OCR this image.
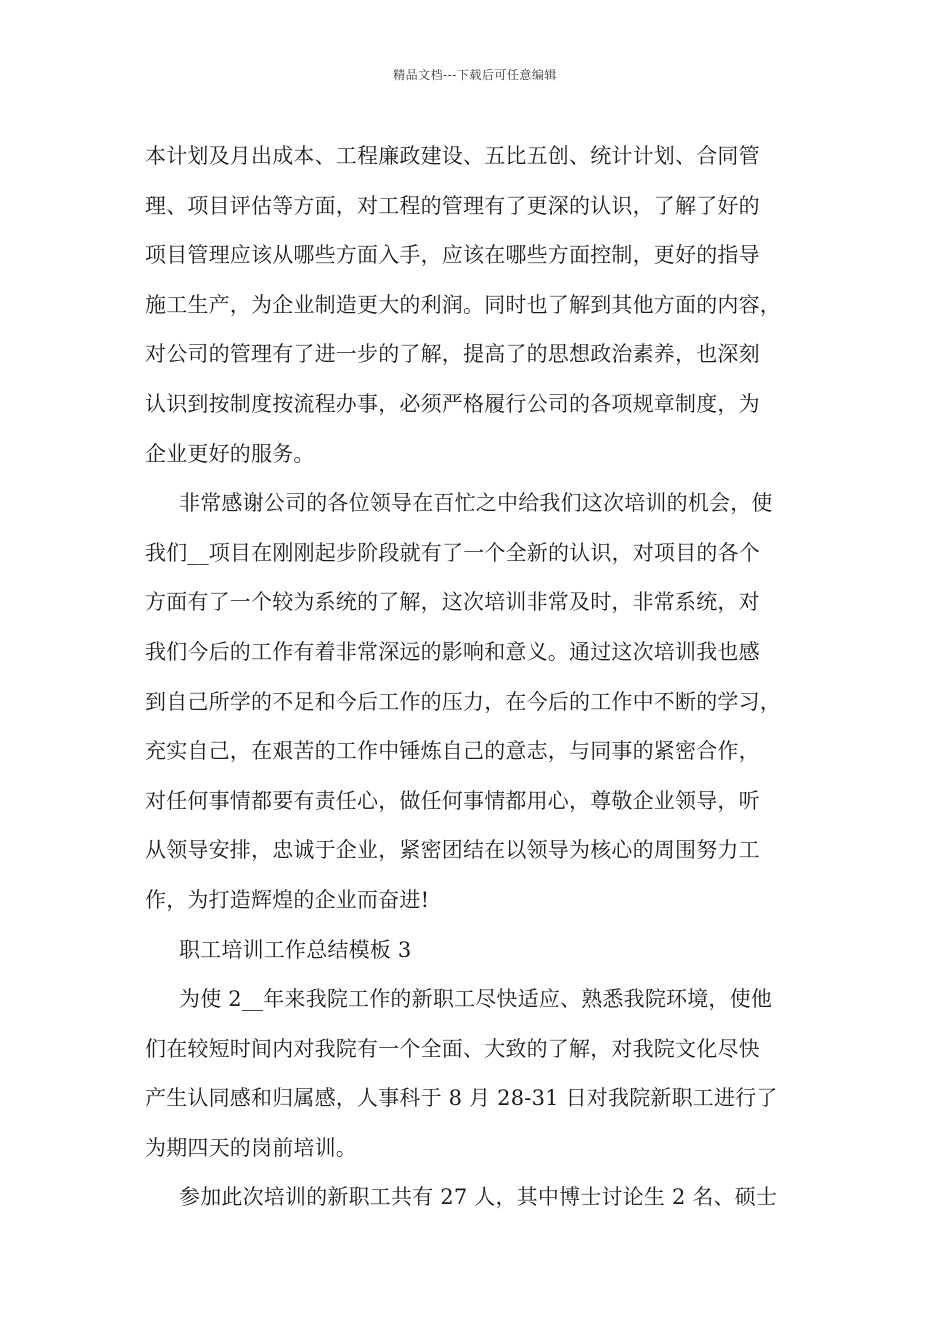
精品文档---下载后可任意编辑
本计划及月出成本、工程廉政建设、五比五创、统计计划、合同管
理、项目评估等方面，对工程的管理有了更深的认识，了解了好的
项目管理应该从哪些方面入手，应该在哪些方面控制，更好的指导
施工生产，为企业制造更大的利润。同时也了解到其他方面的内容，
对公司的管理有了进一步的了解，提高了的思想政治素养，也深刻
认识到按制度按流程办事，必须严格履行公司的各项规章制度，为
企业更好的服务。
非常感谢公司的各位领导在百忙之中给我们这次培训的机会，使
我们__项目在刚刚起步阶段就有了一个全新的认识，对项目的各个
方面有了一个较为系统的了解，这次培训非常及时，非常系统，对
我们今后的工作有着非常深远的影响和意义。通过这次培训我也感
到自己所学的不足和今后工作的压力，在今后的工作中不断的学习，
充实自己，在艰苦的工作中锤炼自己的意志，与同事的紧密合作，
对任何事情都要有责任心，做任何事情都用心，尊敬企业领导，听
从领导安排，忠诚于企业，紧密团结在以领导为核心的周围努力工
作，为打造辉煌的企业而奋进!
职工培训工作总结模板 3
为使 2__年来我院工作的新职工尽快适应、熟悉我院环境，使他
们在较短时间内对我院有一个全面、大致的了解，对我院文化尽快
产生认同感和归属感，人事科于 8 月 28-31 日对我院新职工进行了
为期四天的岗前培训。
参加此次培训的新职工共有 27 人，其中博士讨论生 2 名、硕士
